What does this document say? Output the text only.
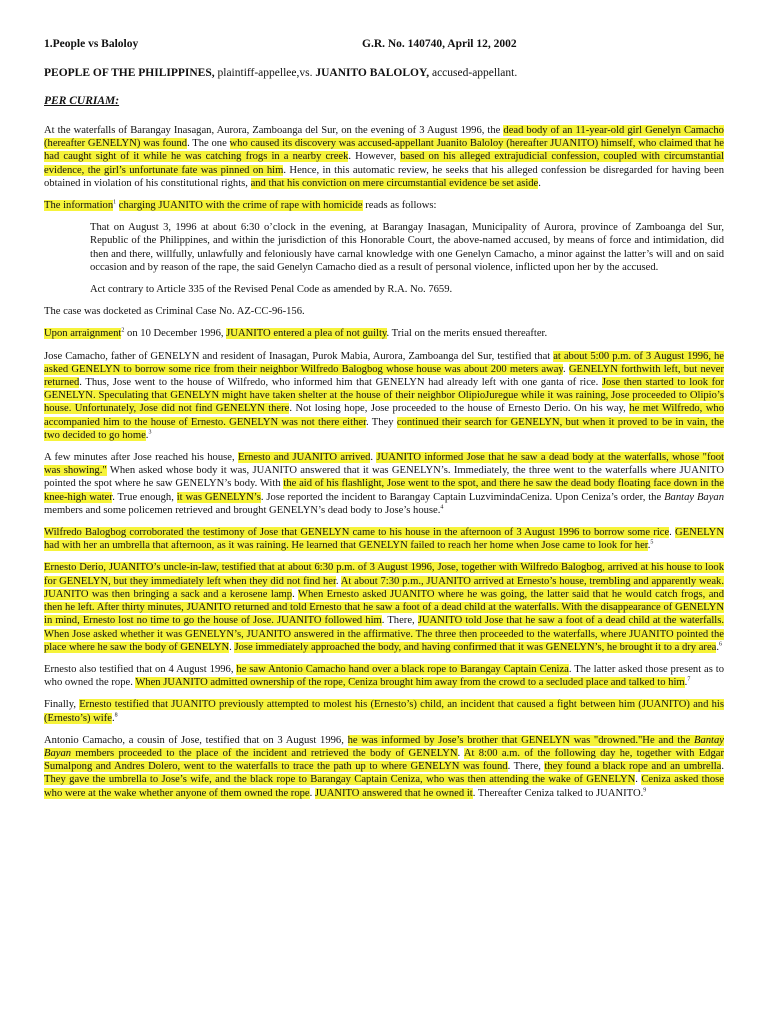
1.People vs Baloloy	G.R. No. 140740, April 12, 2002
PEOPLE OF THE PHILIPPINES, plaintiff-appellee,vs. JUANITO BALOLOY, accused-appellant.
PER CURIAM:

At the waterfalls of Barangay Inasagan, Aurora, Zamboanga del Sur, on the evening of 3 August 1996, the dead body of an 11-year-old girl Genelyn Camacho (hereafter GENELYN) was found. The one who caused its discovery was accused-appellant Juanito Baloloy (hereafter JUANITO) himself, who claimed that he had caught sight of it while he was catching frogs in a nearby creek. However, based on his alleged extrajudicial confession, coupled with circumstantial evidence, the girl’s unfortunate fate was pinned on him. Hence, in this automatic review, he seeks that his alleged confession be disregarded for having been obtained in violation of his constitutional rights, and that his conviction on mere circumstantial evidence be set aside.

The information$^1$ charging JUANITO with the crime of rape with homicide reads as follows:

That on August 3, 1996 at about 6:30 o’clock in the evening, at Barangay Inasagan, Municipality of Aurora, province of Zamboanga del Sur, Republic of the Philippines, and within the jurisdiction of this Honorable Court, the above-named accused, by means of force and intimidation, did then and there, willfully, unlawfully and feloniously have carnal knowledge with one Genelyn Camacho, a minor against the latter’s will and on said occasion and by reason of the rape, the said Genelyn Camacho died as a result of personal violence, inflicted upon her by the accused.

Act contrary to Article 335 of the Revised Penal Code as amended by R.A. No. 7659.

The case was docketed as Criminal Case No. AZ-CC-96-156.

Upon arraignment$^2$ on 10 December 1996, JUANITO entered a plea of not guilty. Trial on the merits ensued thereafter.

Jose Camacho, father of GENELYN and resident of Inasagan, Purok Mabia, Aurora, Zamboanga del Sur, testified that at about 5:00 p.m. of 3 August 1996, he asked GENELYN to borrow some rice from their neighbor Wilfredo Balogbog whose house was about 200 meters away. GENELYN forthwith left, but never returned. Thus, Jose went to the house of Wilfredo, who informed him that GENELYN had already left with one ganta of rice. Jose then started to look for GENELYN. Speculating that GENELYN might have taken shelter at the house of their neighbor OlipioJuregue while it was raining, Jose proceeded to Olipio’s house. Unfortunately, Jose did not find GENELYN there. Not losing hope, Jose proceeded to the house of Ernesto Derio. On his way, he met Wilfredo, who accompanied him to the house of Ernesto. GENELYN was not there either. They continued their search for GENELYN, but when it proved to be in vain, the two decided to go home.$^3$

A few minutes after Jose reached his house, Ernesto and JUANITO arrived. JUANITO informed Jose that he saw a dead body at the waterfalls, whose "foot was showing." When asked whose body it was, JUANITO answered that it was GENELYN’s. Immediately, the three went to the waterfalls where JUANITO pointed the spot where he saw GENELYN’s body. With the aid of his flashlight, Jose went to the spot, and there he saw the dead body floating face down in the knee-high water. True enough, it was GENELYN’s. Jose reported the incident to Barangay Captain LuzvimindaCeniza. Upon Ceniza’s order, the Bantay Bayan members and some policemen retrieved and brought GENELYN’s dead body to Jose’s house.$^4$

Wilfredo Balogbog corroborated the testimony of Jose that GENELYN came to his house in the afternoon of 3 August 1996 to borrow some rice. GENELYN had with her an umbrella that afternoon, as it was raining. He learned that GENELYN failed to reach her home when Jose came to look for her.$^5$

Ernesto Derio, JUANITO’s uncle-in-law, testified that at about 6:30 p.m. of 3 August 1996, Jose, together with Wilfredo Balogbog, arrived at his house to look for GENELYN, but they immediately left when they did not find her. At about 7:30 p.m., JUANITO arrived at Ernesto’s house, trembling and apparently weak. JUANITO was then bringing a sack and a kerosene lamp. When Ernesto asked JUANITO where he was going, the latter said that he would catch frogs, and then he left. After thirty minutes, JUANITO returned and told Ernesto that he saw a foot of a dead child at the waterfalls. With the disappearance of GENELYN in mind, Ernesto lost no time to go the house of Jose. JUANITO followed him. There, JUANITO told Jose that he saw a foot of a dead child at the waterfalls. When Jose asked whether it was GENELYN’s, JUANITO answered in the affirmative. The three then proceeded to the waterfalls, where JUANITO pointed the place where he saw the body of GENELYN. Jose immediately approached the body, and having confirmed that it was GENELYN’s, he brought it to a dry area.$^6$

Ernesto also testified that on 4 August 1996, he saw Antonio Camacho hand over a black rope to Barangay Captain Ceniza. The latter asked those present as to who owned the rope. When JUANITO admitted ownership of the rope, Ceniza brought him away from the crowd to a secluded place and talked to him.$^7$

Finally, Ernesto testified that JUANITO previously attempted to molest his (Ernesto’s) child, an incident that caused a fight between him (JUANITO) and his (Ernesto’s) wife.$^8$

Antonio Camacho, a cousin of Jose, testified that on 3 August 1996, he was informed by Jose’s brother that GENELYN was "drowned."He and the Bantay Bayan members proceeded to the place of the incident and retrieved the body of GENELYN. At 8:00 a.m. of the following day he, together with Edgar Sumalpong and Andres Dolero, went to the waterfalls to trace the path up to where GENELYN was found. There, they found a black rope and an umbrella. They gave the umbrella to Jose’s wife, and the black rope to Barangay Captain Ceniza, who was then attending the wake of GENELYN. Ceniza asked those who were at the wake whether anyone of them owned the rope. JUANITO answered that he owned it. Thereafter Ceniza talked to JUANITO.$^9$
